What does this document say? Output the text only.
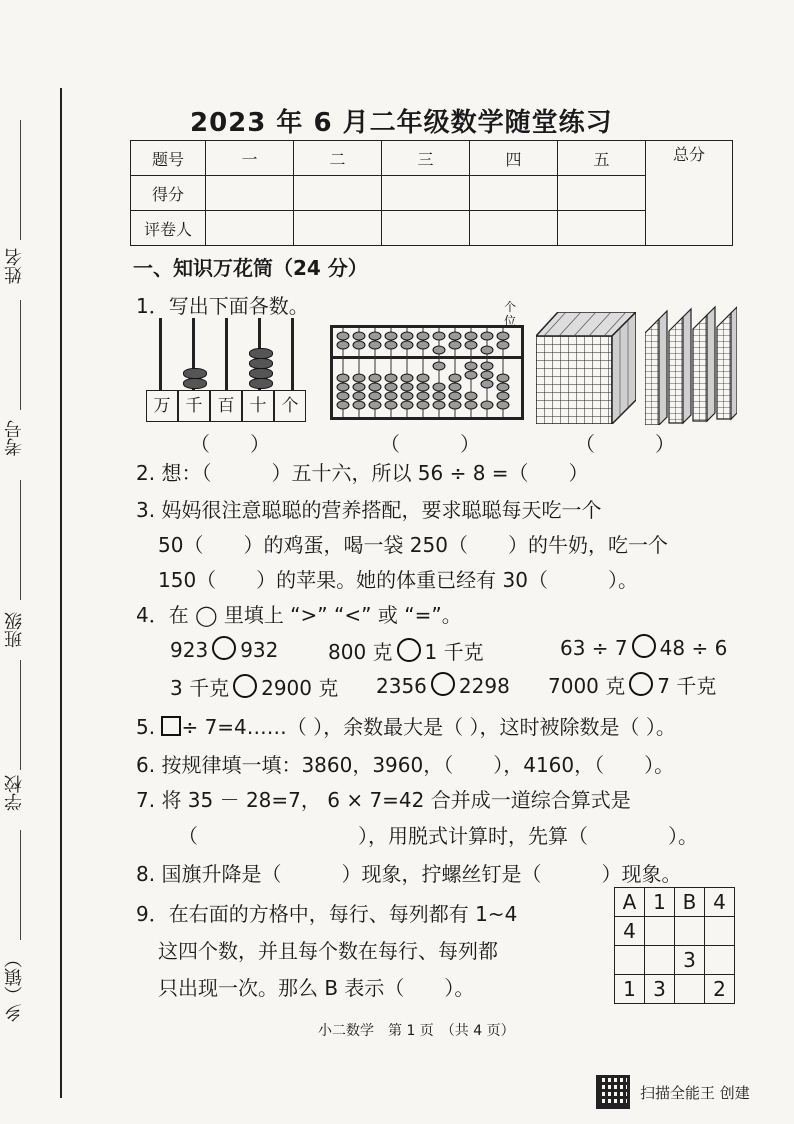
姓名
考号
班级
学校
乡（镇）
2023 年 6 月二年级数学随堂练习
题号	一	二	三	四	五	总分
得分						
评卷人						
一、知识万花筒（24 分）
1．写出下面各数。
万 千 百 十 个
个位
（　　）	（　　　）	（　　　）
2. 想：（　　　）五十六，所以 56 ÷ 8 =（　　）
3. 妈妈很注意聪聪的营养搭配，要求聪聪每天吃一个
50（　　）的鸡蛋，喝一袋 250（　　）的牛奶，吃一个
150（　　）的苹果。她的体重已经有 30（　　　）。
4．在 ◯ 里填上 “>” “<” 或 “=”。
923 932 800 克 1 千克	63 ÷ 7 48 ÷ 6
3 千克 2900 克 2356 2298 7000 克 7 千克
5. ÷ 7=4……（ ），余数最大是（ ），这时被除数是（ ）。
6. 按规律填一填：3860，3960，（　　），4160，（　　）。
7. 将 35 － 28=7， 6 × 7=42 合并成一道综合算式是
（　　　　　　　　），用脱式计算时，先算（　　　　）。
8. 国旗升降是（　　　）现象，拧螺丝钉是（　　　）现象。
9．在右面的方格中，每行、每列都有 1~4
这四个数，并且每个数在每行、每列都
只出现一次。那么 B 表示（　　）。
A	1	B	4
4			
		3	
1	3		2
小二数学　第 1 页　（共 4 页）
扫描全能王 创建
